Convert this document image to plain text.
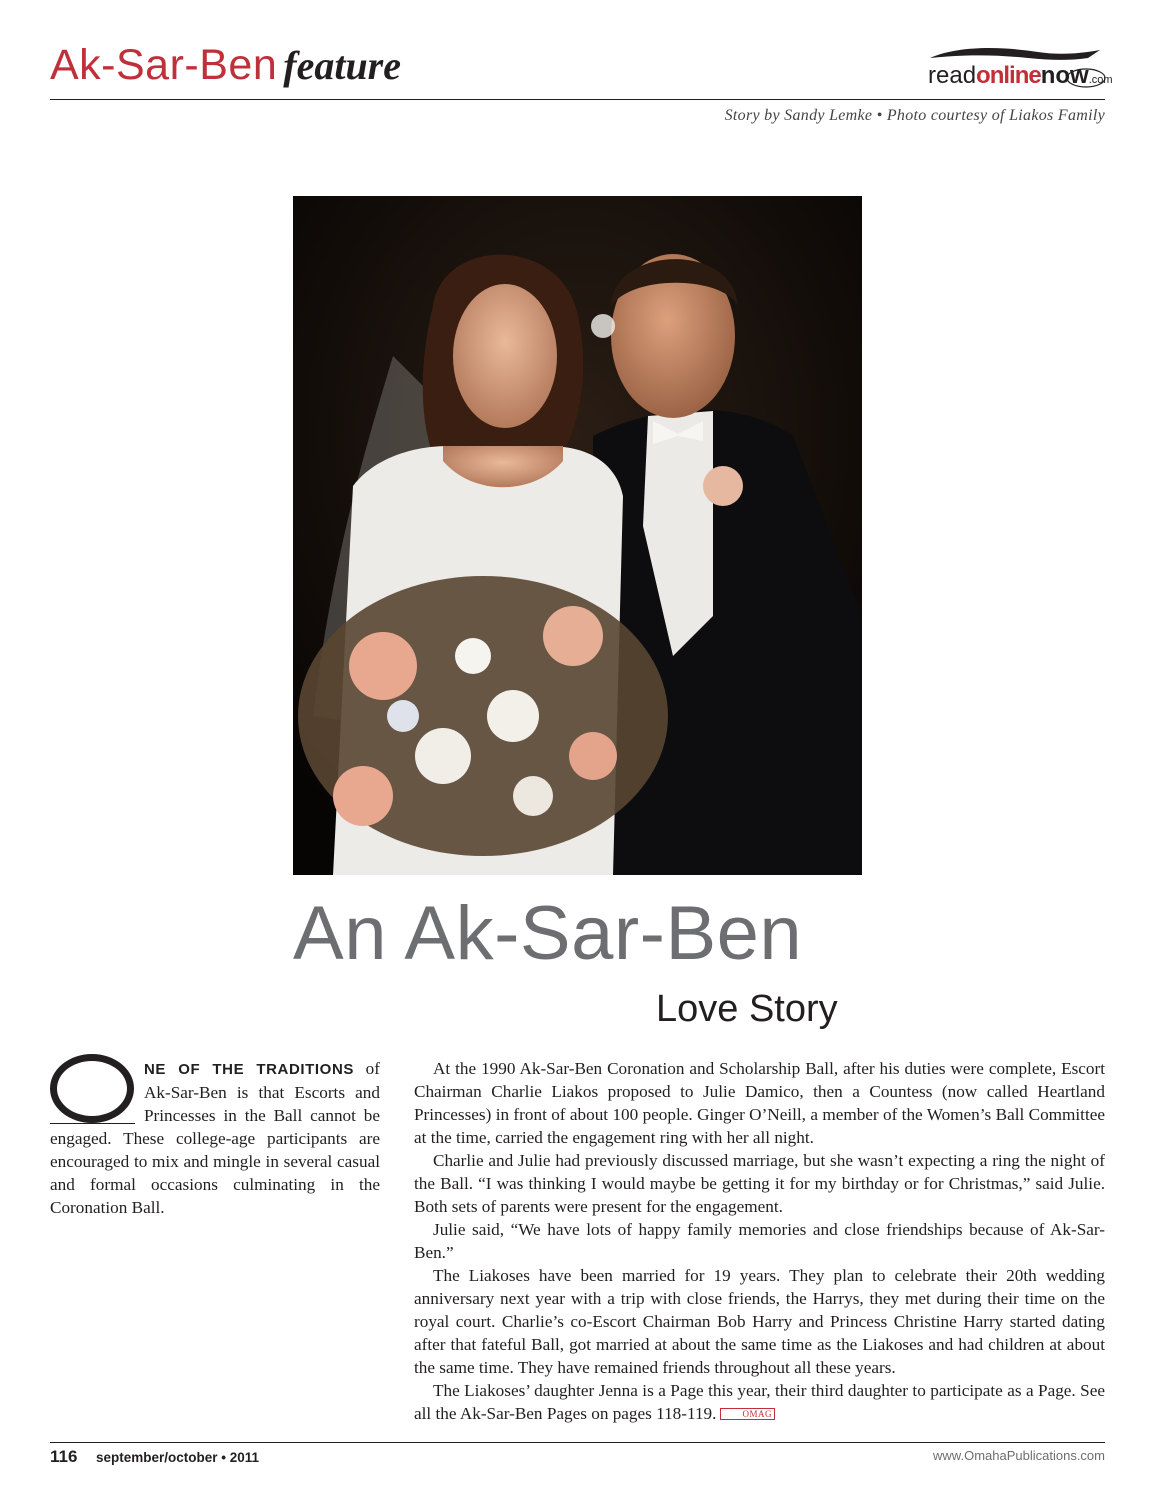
Ak-Sar-Ben feature	readonlinenow.com
Story by Sandy Lemke • Photo courtesy of Liakos Family
An Ak-Sar-Ben
Love Story
NE OF THE TRADITIONS of Ak-Sar-Ben is that Escorts and Princesses in the Ball cannot be engaged. These college-age participants are encouraged to mix and mingle in several casual and formal occasions culminating in the Coronation Ball.

At the 1990 Ak-Sar-Ben Coronation and Scholarship Ball, after his duties were complete, Escort Chairman Charlie Liakos proposed to Julie Damico, then a Countess (now called Heartland Princesses) in front of about 100 people. Ginger O’Neill, a member of the Women’s Ball Committee at the time, carried the engagement ring with her all night.

Charlie and Julie had previously discussed marriage, but she wasn’t expecting a ring the night of the Ball. “I was thinking I would maybe be getting it for my birthday or for Christmas,” said Julie. Both sets of parents were present for the engagement.

Julie said, “We have lots of happy family memories and close friendships because of Ak-Sar-Ben.”

The Liakoses have been married for 19 years. They plan to celebrate their 20th wedding anniversary next year with a trip with close friends, the Harrys, they met during their time on the royal court. Charlie’s co-Escort Chairman Bob Harry and Princess Christine Harry started dating after that fateful Ball, got married at about the same time as the Liakoses and had children at about the same time. They have remained friends throughout all these years.

The Liakoses’ daughter Jenna is a Page this year, their third daughter to participate as a Page. See all the Ak-Sar-Ben Pages on pages 118-119.	OMAG

116 september/october • 2011	www.OmahaPublications.com
